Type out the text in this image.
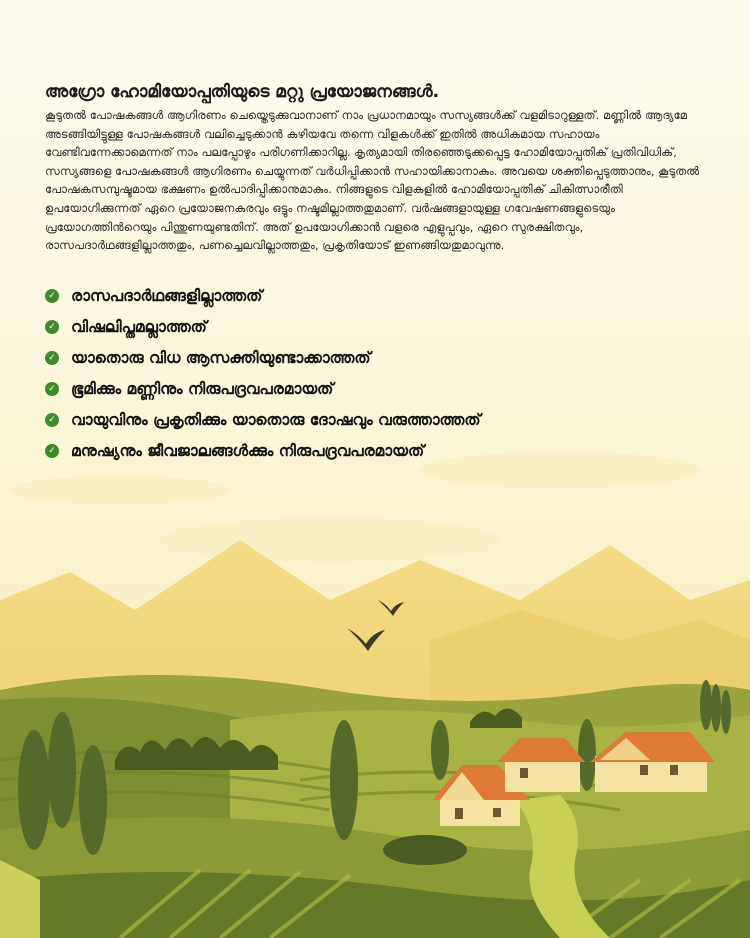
അഗ്രോ ഹോമിയോപ്പതിയുടെ മറ്റു പ്രയോജനങ്ങൾ.

കൂടുതൽ പോഷകങ്ങൾ ആഗിരണം ചെയ്തെടുക്കുവാനാണ് നാം പ്രധാനമായും സസ്യങ്ങൾക്ക് വളമിടാറുള്ളത്. മണ്ണിൽ ആദ്യമേ അടങ്ങിയിട്ടുള്ള പോഷകങ്ങൾ വലിച്ചെടുക്കാൻ കഴിയവേ തന്നെ വിളകൾക്ക് ഇതിൽ അധികമായ സഹായം വേണ്ടിവന്നേക്കാമെന്നത് നാം പലപ്പോഴും പരിഗണിക്കാറില്ല. കൃത്യമായി തിരഞ്ഞെടുക്കപ്പെട്ട ഹോമിയോപ്പതിക് പ്രതിവിധിക്, സസ്യങ്ങളെ പോഷകങ്ങൾ ആഗിരണം ചെയ്യുന്നത് വർധിപ്പിക്കാൻ സഹായിക്കാനാകും. അവയെ ശക്തിപ്പെടുത്താനും, കൂടുതൽ പോഷകസമ്പുഷ്ടമായ ഭക്ഷണം ഉൽപാദിപ്പിക്കാനുമാകും. നിങ്ങളുടെ വിളകളിൽ ഹോമിയോപ്പതിക് ചികിത്സാരീതി ഉപയോഗിക്കുന്നത് ഏറെ പ്രയോജനകരവും ഒട്ടും നഷ്ടമില്ലാത്തതുമാണ്. വർഷങ്ങളായുള്ള ഗവേഷണങ്ങളുടെയും പ്രയോഗത്തിൻറെയും പിന്തുണയുണ്ടതിന്. അത് ഉപയോഗിക്കാൻ വളരെ എളുപ്പവും, ഏറെ സുരക്ഷിതവും, രാസപദാർഥങ്ങളില്ലാത്തതും, പണച്ചെലവില്ലാത്തതും, പ്രകൃതിയോട് ഇണങ്ങിയതുമാവുന്നു.

✓ രാസപദാർഥങ്ങളില്ലാത്തത്
✓ വിഷലിപ്തമല്ലാത്തത്
✓ യാതൊരു വിധ ആസക്തിയുണ്ടാക്കാത്തത്
✓ ഭൂമിക്കും മണ്ണിനും നിരുപദ്രവപരമായത്
✓ വായുവിനും പ്രകൃതിക്കും യാതൊരു ദോഷവും വരുത്താത്തത്
✓ മനുഷ്യനും ജീവജാലങ്ങൾക്കും നിരുപദ്രവപരമായത്
